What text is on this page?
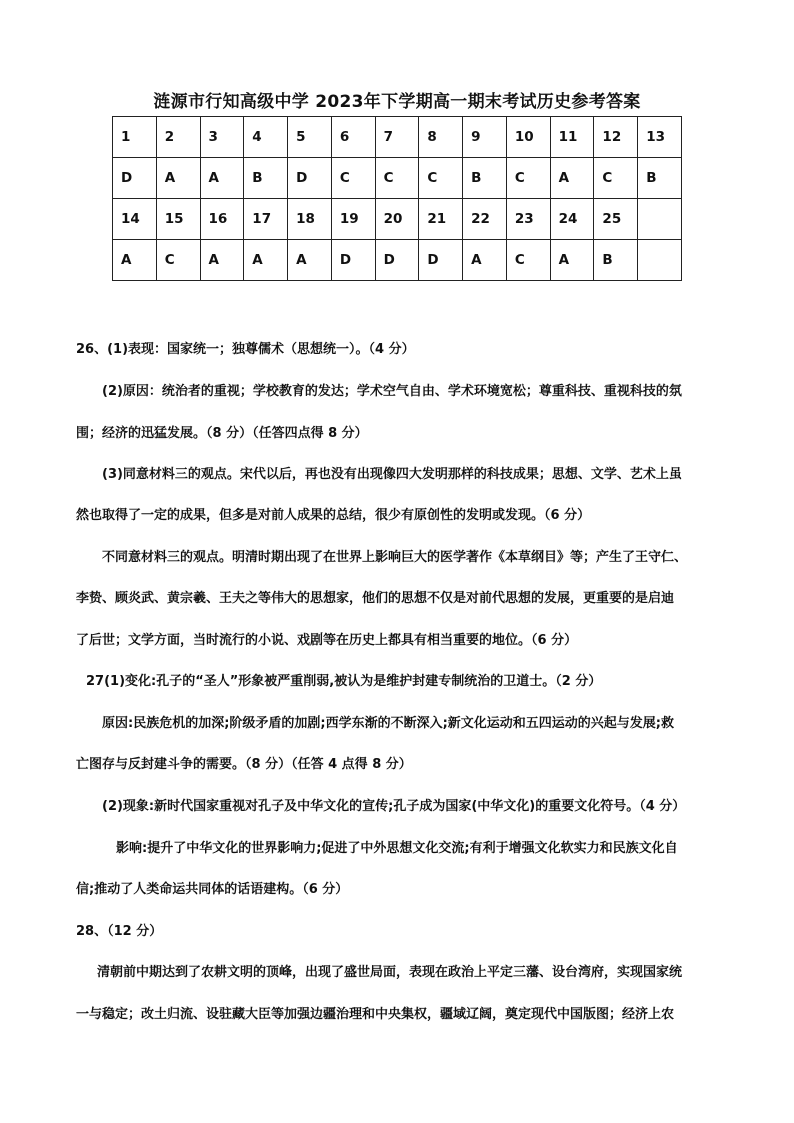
涟源市行知高级中学 2023年下学期高一期末考试历史参考答案
1	2	3	4	5	6	7	8	9	10	11	12	13
D	A	A	B	D	C	C	C	B	C	A	C	B
14	15	16	17	18	19	20	21	22	23	24	25	
A	C	A	A	A	D	D	D	A	C	A	B	
26、(1)表现：国家统一；独尊儒术（思想统一）。（4 分）
(2)原因：统治者的重视；学校教育的发达；学术空气自由、学术环境宽松；尊重科技、重视科技的氛
围；经济的迅猛发展。（8 分）（任答四点得 8 分）
(3)同意材料三的观点。宋代以后，再也没有出现像四大发明那样的科技成果；思想、文学、艺术上虽
然也取得了一定的成果，但多是对前人成果的总结，很少有原创性的发明或发现。（6 分）
不同意材料三的观点。明清时期出现了在世界上影响巨大的医学著作《本草纲目》等；产生了王守仁、
李贽、顾炎武、黄宗羲、王夫之等伟大的思想家，他们的思想不仅是对前代思想的发展，更重要的是启迪
了后世；文学方面，当时流行的小说、戏剧等在历史上都具有相当重要的地位。（6 分）
27(1)变化:孔子的“圣人”形象被严重削弱,被认为是维护封建专制统治的卫道士。（2 分）
原因:民族危机的加深;阶级矛盾的加剧;西学东渐的不断深入;新文化运动和五四运动的兴起与发展;救
亡图存与反封建斗争的需要。（8 分）（任答 4 点得 8 分）
(2)现象:新时代国家重视对孔子及中华文化的宣传;孔子成为国家(中华文化)的重要文化符号。（4 分）
影响:提升了中华文化的世界影响力;促进了中外思想文化交流;有利于增强文化软实力和民族文化自
信;推动了人类命运共同体的话语建构。（6 分）
28、（12 分）
清朝前中期达到了农耕文明的顶峰，出现了盛世局面，表现在政治上平定三藩、设台湾府，实现国家统
一与稳定；改土归流、设驻藏大臣等加强边疆治理和中央集权，疆域辽阔，奠定现代中国版图；经济上农
